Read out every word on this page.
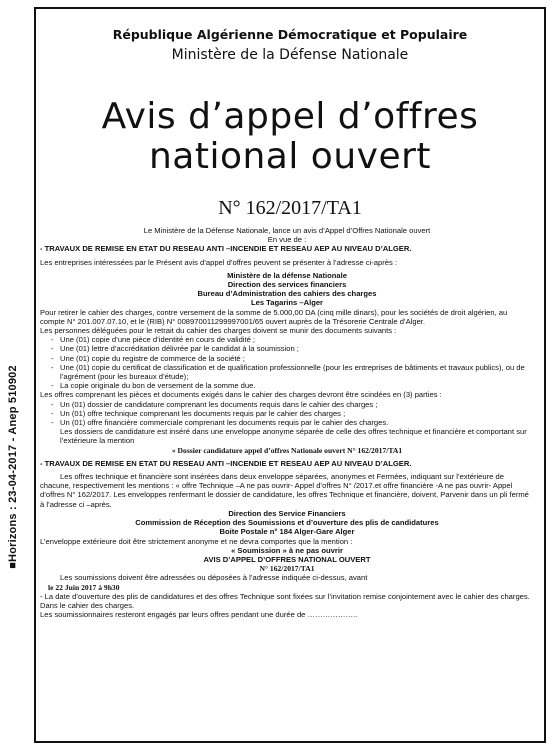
■Horizons : 23-04-2017 - Anep 510902
République Algérienne Démocratique et Populaire
Ministère de la Défense Nationale
Avis d’appel d’offres
national ouvert
N° 162/2017/TA1

Le Ministère de la Défense Nationale, lance un avis d’Appel d’Offres Nationale ouvert

En vue de :

- TRAVAUX DE REMISE EN ETAT DU RESEAU ANTI –INCENDIE ET RESEAU AEP AU NIVEAU D’ALGER.

Les entreprises intéressées par le Présent avis d’appel d’offres peuvent se présenter à l’adresse ci-après :

Ministère de la défense Nationale

Direction des services financiers

Bureau d’Administration des cahiers des charges

Les Tagarins –Alger

Pour retirer le cahier des charges, contre versement de la somme de 5.000,00 DA (cinq mille dinars), pour les sociétés de droit algérien, au compte N° 201.007.07.10, et le (RIB) N° 008970011299997001/65 ouvert auprès de la Trésorerie Centrale d’Alger.

Les personnes déléguées pour le retrait du cahier des charges doivent se munir des documents suivants :

- Une (01) copie d’une pièce d’identité en cours de validité ;
- Une (01) lettre d’accréditation délivrée par le candidat à la soumission ;
- Une (01) copie du registre de commerce de la société ;
- Une (01) copie du certificat de classification et de qualification professionnelle (pour les entreprises de bâtiments et travaux publics), ou de l’agrément (pour les bureaux d’étude);
- La copie originale du bon de versement de la somme due.

Les offres comprenant les pièces et documents exigés dans le cahier des charges devront être scindées en (3) parties :

- Un (01) dossier de candidature comprenant les documents requis dans le cahier des charges ;
- Un (01) offre technique comprenant les documents requis par le cahier des charges ;
- Un (01) offre financière commerciale comprenant les documents requis par le cahier des charges.

Les dossiers de candidature est inséré dans une enveloppe anonyme séparée de celle des offres technique et financière et comportant sur l’extérieure la mention

« Dossier candidature appel d’offres Nationale ouvert N° 162/2017/TA1

- TRAVAUX DE REMISE EN ETAT DU RESEAU ANTI –INCENDIE ET RESEAU AEP AU NIVEAU D’ALGER.

Les offres technique et financière sont insérées dans deux enveloppe séparées, anonymes et Fermées, indiquant sur l’extérieure de chacune, respectivement les mentions : « offre Technique –A ne pas ouvrir- Appel d’offres N° /2017.et offre financière -A ne pas ouvrir- Appel d’offres N° 162/2017. Les enveloppes renfermant le dossier de candidature, les offres Technique et financière, doivent, Parvenir dans un pli fermé à l’adresse ci –après.

Direction des Service Financiers

Commission de Réception des Soumissions et d’ouverture des plis de candidatures

Boite Postale n° 184 Alger-Gare Alger

L’enveloppe extérieure doit être strictement anonyme et ne devra comportes que la mention :

« Soumission » à ne pas ouvrir

AVIS D’APPEL D’OFFRES NATIONAL OUVERT

N° 162/2017/TA1

Les soumissions doivent être adressées ou déposées à l’adresse indiquée ci-dessus, avant

le 22 Juin 2017 à 9h30

- La date d’ouverture des plis de candidatures et des offres Technique sont fixées sur l’invitation remise conjointement avec le cahier des charges.

Dans le cahier des charges.

Les soumissionnaires resteront engagés par leurs offres pendant une durée de ………………..
